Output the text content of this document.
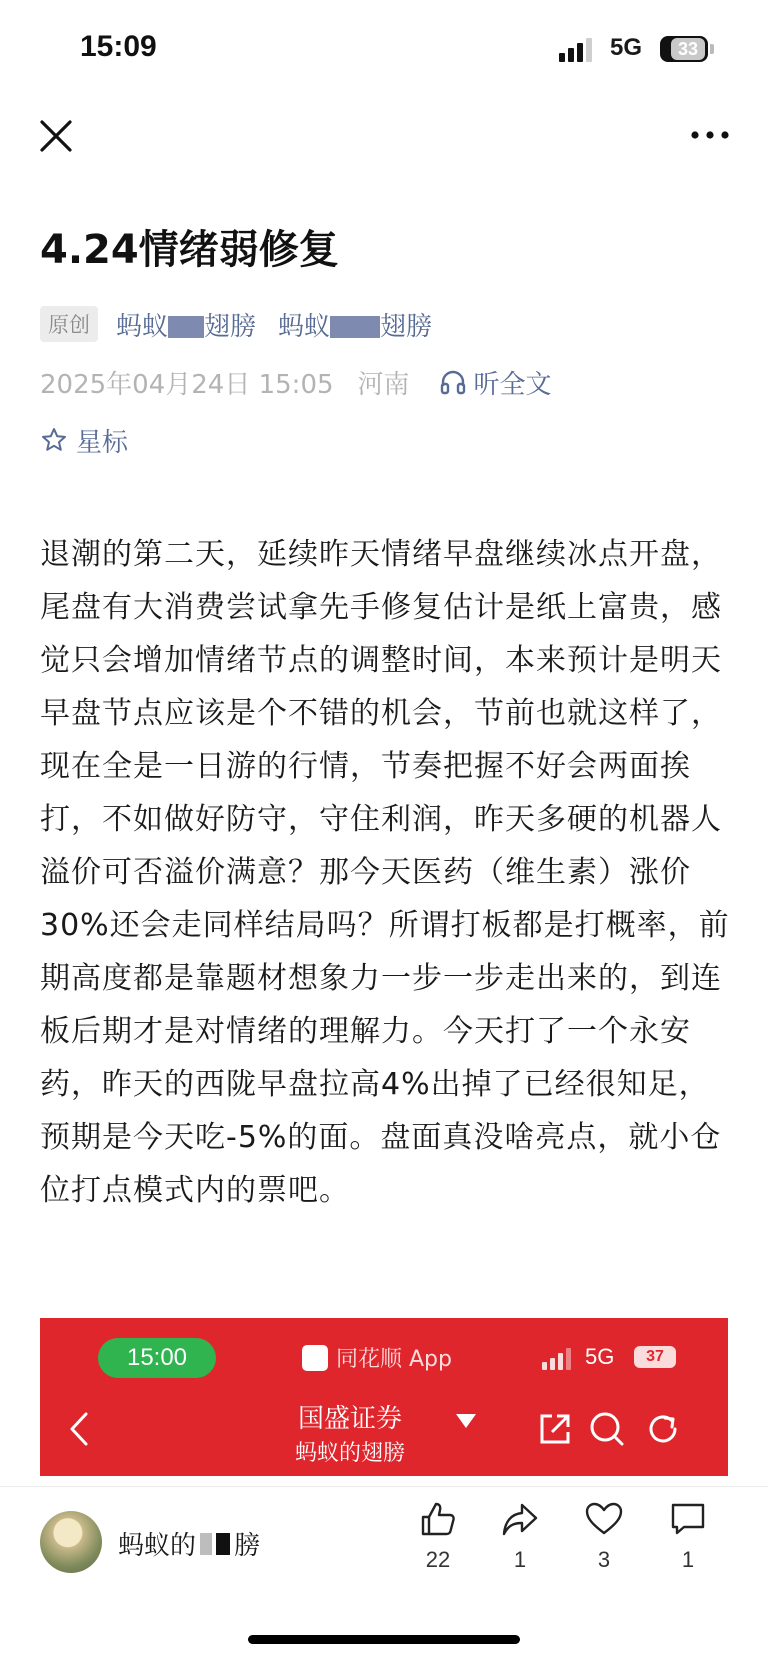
15:09	5G	33
4.24情绪弱修复
原创	蚂蚁 翅膀 蚂蚁 翅膀
2025年04月24日 15:05 河南 听全文
星标

退潮的第二天，延续昨天情绪早盘继续冰点开盘，尾盘有大消费尝试拿先手修复估计是纸上富贵，感觉只会增加情绪节点的调整时间，本来预计是明天早盘节点应该是个不错的机会，节前也就这样了，现在全是一日游的行情，节奏把握不好会两面挨打，不如做好防守，守住利润，昨天多硬的机器人溢价可否溢价满意？那今天医药（维生素）涨价30%还会走同样结局吗？所谓打板都是打概率，前期高度都是靠题材想象力一步一步走出来的，到连板后期才是对情绪的理解力。今天打了一个永安药，昨天的西陇早盘拉高4%出掉了已经很知足，预期是今天吃-5%的面。盘面真没啥亮点，就小仓位打点模式内的票吧。

15:00	同花顺 App	5G	37
国盛证券
蚂蚁的翅膀
蚂蚁的 膀	22	1	3	1
